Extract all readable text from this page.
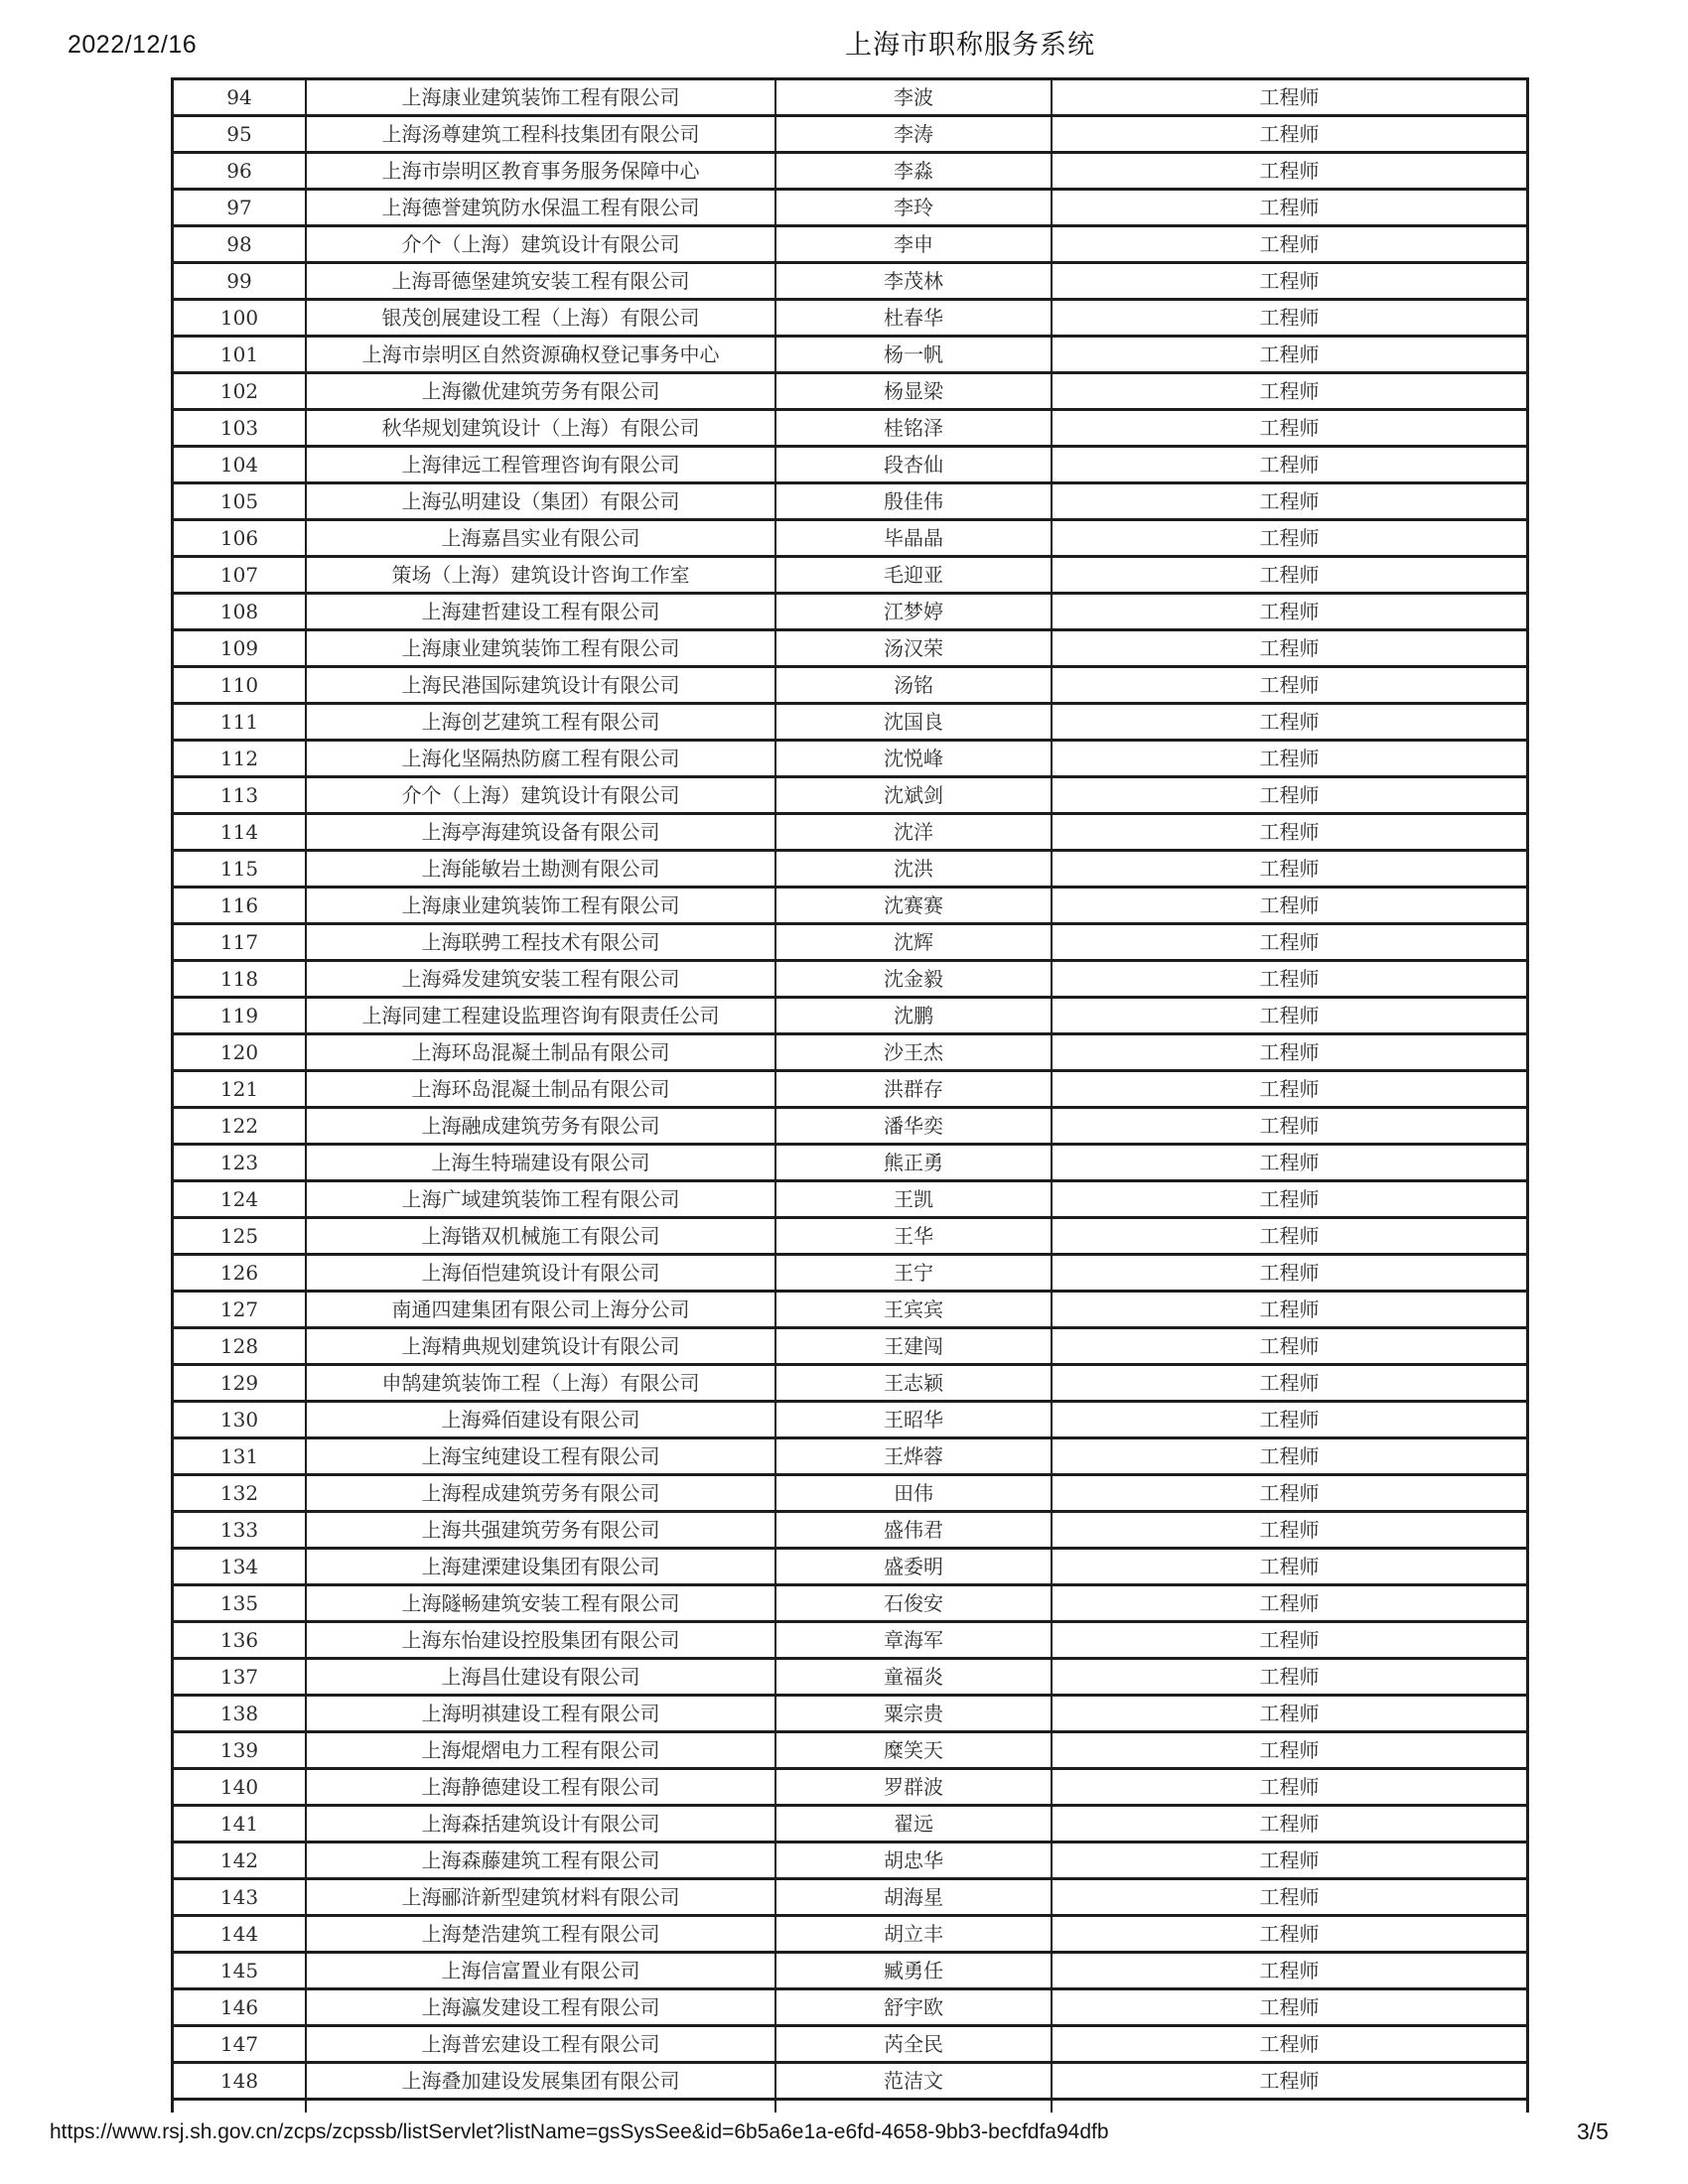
2022/12/16	上海市职称服务系统
94	上海康业建筑装饰工程有限公司	李波	工程师
95	上海汤尊建筑工程科技集团有限公司	李涛	工程师
96	上海市崇明区教育事务服务保障中心	李淼	工程师
97	上海德誉建筑防水保温工程有限公司	李玲	工程师
98	介个（上海）建筑设计有限公司	李申	工程师
99	上海哥德堡建筑安装工程有限公司	李茂林	工程师
100	银茂创展建设工程（上海）有限公司	杜春华	工程师
101	上海市崇明区自然资源确权登记事务中心	杨一帆	工程师
102	上海徽优建筑劳务有限公司	杨显梁	工程师
103	秋华规划建筑设计（上海）有限公司	桂铭泽	工程师
104	上海律远工程管理咨询有限公司	段杏仙	工程师
105	上海弘明建设（集团）有限公司	殷佳伟	工程师
106	上海嘉昌实业有限公司	毕晶晶	工程师
107	策场（上海）建筑设计咨询工作室	毛迎亚	工程师
108	上海建哲建设工程有限公司	江梦婷	工程师
109	上海康业建筑装饰工程有限公司	汤汉荣	工程师
110	上海民港国际建筑设计有限公司	汤铭	工程师
111	上海创艺建筑工程有限公司	沈国良	工程师
112	上海化坚隔热防腐工程有限公司	沈悦峰	工程师
113	介个（上海）建筑设计有限公司	沈斌剑	工程师
114	上海亭海建筑设备有限公司	沈洋	工程师
115	上海能敏岩土勘测有限公司	沈洪	工程师
116	上海康业建筑装饰工程有限公司	沈赛赛	工程师
117	上海联骋工程技术有限公司	沈辉	工程师
118	上海舜发建筑安装工程有限公司	沈金毅	工程师
119	上海同建工程建设监理咨询有限责任公司	沈鹏	工程师
120	上海环岛混凝土制品有限公司	沙王杰	工程师
121	上海环岛混凝土制品有限公司	洪群存	工程师
122	上海融成建筑劳务有限公司	潘华奕	工程师
123	上海生特瑞建设有限公司	熊正勇	工程师
124	上海广域建筑装饰工程有限公司	王凯	工程师
125	上海锴双机械施工有限公司	王华	工程师
126	上海佰恺建筑设计有限公司	王宁	工程师
127	南通四建集团有限公司上海分公司	王宾宾	工程师
128	上海精典规划建筑设计有限公司	王建闯	工程师
129	申鹄建筑装饰工程（上海）有限公司	王志颖	工程师
130	上海舜佰建设有限公司	王昭华	工程师
131	上海宝纯建设工程有限公司	王烨蓉	工程师
132	上海程成建筑劳务有限公司	田伟	工程师
133	上海共强建筑劳务有限公司	盛伟君	工程师
134	上海建溧建设集团有限公司	盛委明	工程师
135	上海隧畅建筑安装工程有限公司	石俊安	工程师
136	上海东怡建设控股集团有限公司	章海军	工程师
137	上海昌仕建设有限公司	童福炎	工程师
138	上海明祺建设工程有限公司	粟宗贵	工程师
139	上海焜熠电力工程有限公司	糜笑天	工程师
140	上海静德建设工程有限公司	罗群波	工程师
141	上海森括建筑设计有限公司	翟远	工程师
142	上海森藤建筑工程有限公司	胡忠华	工程师
143	上海郦浒新型建筑材料有限公司	胡海星	工程师
144	上海楚浩建筑工程有限公司	胡立丰	工程师
145	上海信富置业有限公司	臧勇任	工程师
146	上海瀛发建设工程有限公司	舒宇欧	工程师
147	上海普宏建设工程有限公司	芮全民	工程师
148	上海叠加建设发展集团有限公司	范洁文	工程师
https://www.rsj.sh.gov.cn/zcps/zcpssb/listServlet?listName=gsSysSee&id=6b5a6e1a-e6fd-4658-9bb3-becfdfa94dfb	3/5
